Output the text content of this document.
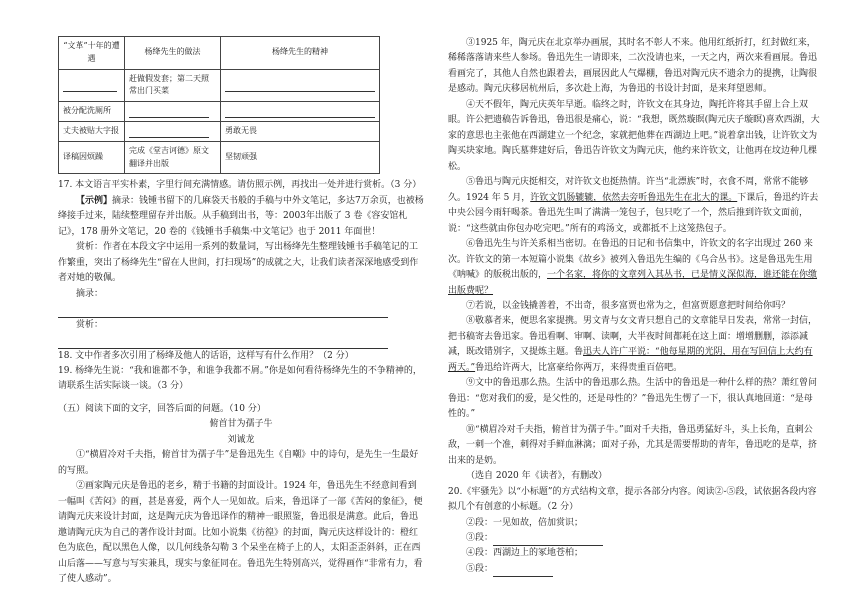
“文革”十年的遭遇	杨绛先生的做法	杨绛先生的精神
	赶做假发套；第二天照常出门买菜	
被分配洗厕所		
丈夫被贴大字报		勇敢无畏
译稿因烦躁	完成《堂吉诃德》原文翻译并出版	坚韧顽强

17. 本文语言平实朴素，字里行间充满情感。请仿照示例，再找出一处并进行赏析。（3 分）

【示例】摘录：钱锺书留下的几麻袋天书般的手稿与中外文笔记，多达7万余页，也被杨绛接手过来，陆续整理留存并出版。从手稿到出书，等：2003年出版了 3 卷《容安馆札记》，178 册外文笔记，20 卷的《钱锺书手稿集·中文笔记》也于 2011 年面世！

赏析：作者在本段文字中运用一系列的数量词，写出杨绛先生整理钱锺书手稿笔记的工作繁重，突出了杨绛先生“留在人世间，打扫现场”的成就之大，让我们读者深深地感受到作者对她的敬佩。

摘录：

赏析：

18. 文中作者多次引用了杨绛及他人的话语，这样写有什么作用？（2 分）

19. 杨绛先生说：“我和谁都不争，和谁争我都不屑。”你是如何看待杨绛先生的不争精神的，请联系生活实际谈一谈。（3 分）

（五）阅读下面的文字，回答后面的问题。（10 分）

俯首甘为孺子牛

刘诚龙

①“横眉冷对千夫指，俯首甘为孺子牛”是鲁迅先生《自嘲》中的诗句，是先生一生最好的写照。

②画家陶元庆是鲁迅的老乡，精于书籍的封面设计。1924 年，鲁迅先生不经意间看到一幅叫《苦闷》的画，甚是喜爱，两个人一见如故。后来，鲁迅译了一部《苦闷的象征》，便请陶元庆来设计封面，这是陶元庆为鲁迅译作的精神一眼照鉴，鲁迅很是满意。此后，鲁迅邀请陶元庆为自己的著作设计封面。比如小说集《彷徨》的封面，陶元庆这样设计的：橙红色为底色，配以黑色人像，以几何线条勾勒 3 个呆坐在椅子上的人，太阳歪歪斜斜，正在西山后落——写意与写实兼具，现实与象征同在。鲁迅先生特别高兴，觉得画作“非常有力，看了使人感动”。

③1925 年，陶元庆在北京举办画展，其时名不彰人不来。他用红纸折打，红封做红来，稀稀落落请来些人参场。鲁迅先生一请即来，二次没请也来，一天之内，两次来看画展。鲁迅看画完了，其他人自然也跟着去，画展因此人气爆棚，鲁迅对陶元庆不遗余力的提携，让陶很是感动。陶元庆移居杭州后，多次赴上海，为鲁迅的书设计封面，是来拜望恩师。

④天不假年，陶元庆英年早逝。临终之时，许钦文在其身边，陶托许将其手留上合上双眼。许公把遗稿告诉鲁迅，鲁迅很是痛心，说：“我想，既然璇瞑(陶元庆子璇瞑)喜欢西湖，大家的意思也主张他在西湖建立一个纪念，家就把他葬在西湖边上吧。”说着拿出钱，让许钦文为陶买块家地。陶氏墓葬建好后，鲁迅告许钦文为陶元庆，他约来许钦文，让他再在坟边种几棵松。

⑤鲁迅与陶元庆挺相交，对许钦文也挺热情。许当“北漂族”时，衣食不周，常常不能够久。1924 年 5 月，许钦文饥肠辘辘，依然去旁听鲁迅先生在北大的课。下课后，鲁迅约许去中央公园今雨轩喝茶。鲁迅先生叫了满满一笼包子，包只吃了一个，然后推到许钦文面前，说：“这些就由你包办吃完吧。”所有的鸡汤文，或都抵不上这笼热包子。

⑥鲁迅先生与许关系相当密切。在鲁迅的日记和书信集中，许钦文的名字出现过 260 来次。许钦文的第一本短篇小说集《故乡》被列入鲁迅先生编的《乌合丛书》。这是鲁迅先生用《呐喊》的版税出版的，一个名家，将你的文章列入其丛书，已是情义深似海，谁还能在你缴出版费呢？

⑦若说，以金钱撬善着，不出奇，很多富贾也常为之，但富贾愿意把时间给你吗？

⑧敬慕者来，便思名家提携。男文青与女文青只想自己的文章能早日发表，常常一封信，把书稿寄去鲁迅家。鲁迅看啊、审啊、读啊，大半夜时间都耗在这上面：增增删删，添添减减，既改错别字，又提炼主题。鲁迅夫人许广平说：“他每星期的光阴，用在写回信上大约有两天。”鲁迅给许两大，比富豪给你两万，来得贵重百倍吧。

⑨文中的鲁迅那么热。生活中的鲁迅那么热。生活中的鲁迅是一种什么样的热？萧红曾问鲁迅：“您对我们的爱，是父性的，还是母性的？”鲁迅先生愣了一下，很认真地回道：“是母性的。”

⑩“横眉冷对千夫指，俯首甘为孺子牛。”面对千夫指，鲁迅勇猛好斗，头上长角，直刺公敌，一刺一个准，刺得对手鲜血淋漓；面对子孙，尤其是需要帮助的青年，鲁迅吃的是草，挤出来的是奶。

（选自 2020 年《读者》，有删改）

20.《牢骚先》以“小标题”的方式结构文章，提示各部分内容。阅读②-⑤段，试依据各段内容拟几个有创意的小标题。（2 分）

②段：一见如故，倍加赏识；

③段：

④段：西湖边上的冢地苍柏；

⑤段：
